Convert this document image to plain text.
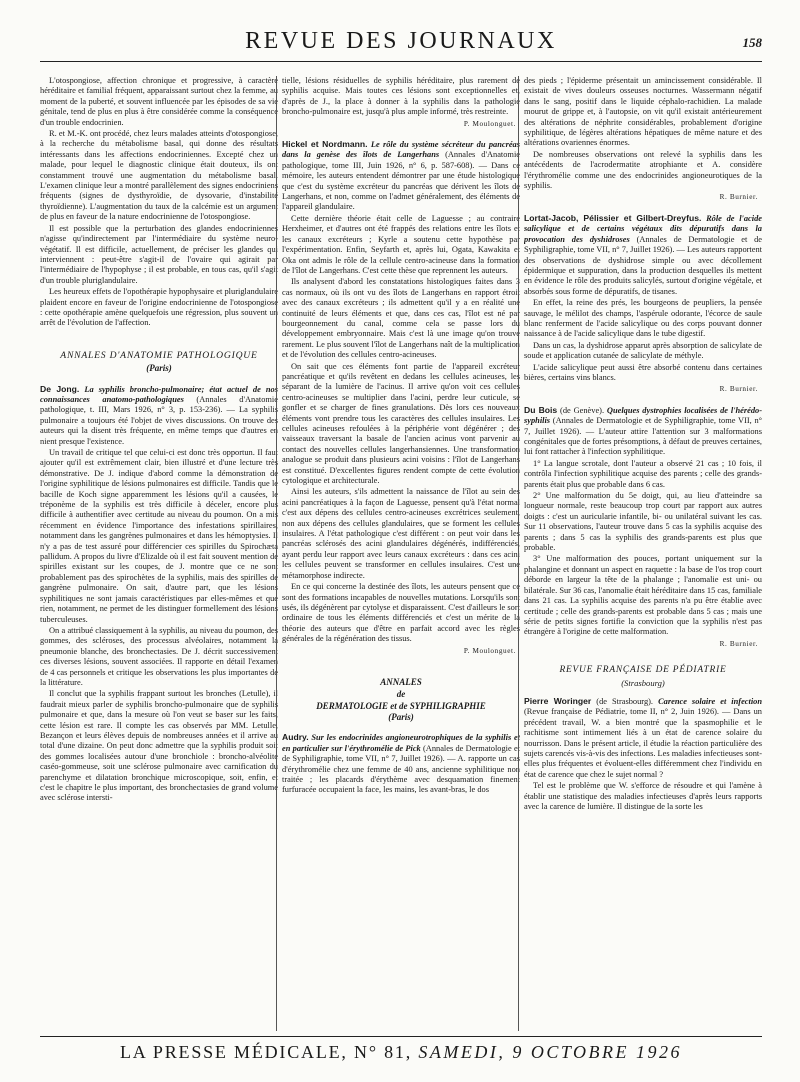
REVUE DES JOURNAUX	158

L'otospongiose, affection chronique et progressive, à caractère héréditaire et familial fréquent, apparaissant surtout chez la femme, au moment de la puberté, et souvent influencée par les épisodes de sa vie génitale, tend de plus en plus à être considérée comme la conséquence d'un trouble endocrinien.

R. et M.-K. ont procédé, chez leurs malades atteints d'otospongiose, à la recherche du métabolisme basal, qui donne des résultats intéressants dans les affections endocriniennes. Excepté chez un malade, pour lequel le diagnostic clinique était douteux, ils ont constamment trouvé une augmentation du métabolisme basal. L'examen clinique leur a montré parallèlement des signes endocriniens fréquents (signes de dysthyroïdie, de dysovarie, d'instabilité thyroïdienne). L'augmentation du taux de la calcémie est un argument de plus en faveur de la nature endocrinienne de l'otospongiose.

Il est possible que la perturbation des glandes endocriniennes n'agisse qu'indirectement par l'intermédiaire du système neuro-végétatif. Il est difficile, actuellement, de préciser les glandes qui interviennent : peut-être s'agit-il de l'ovaire qui agirait par l'intermédiaire de l'hypophyse ; il est probable, en tous cas, qu'il s'agit d'un trouble pluriglandulaire.

Les heureux effets de l'opothérapie hypophysaire et pluriglandulaire plaident encore en faveur de l'origine endocrinienne de l'otospongiose : cette opothérapie amène quelquefois une régression, plus souvent un arrêt de l'évolution de l'affection.

ANNALES D'ANATOMIE PATHOLOGIQUE
(Paris)

De Jong. La syphilis broncho-pulmonaire; état actuel de nos connaissances anatomo-pathologiques (Annales d'Anatomie pathologique, t. III, Mars 1926, n° 3, p. 153-236). — La syphilis pulmonaire a toujours été l'objet de vives discussions. On trouve des auteurs qui la disent très fréquente, en même temps que d'autres en nient presque l'existence.

Un travail de critique tel que celui-ci est donc très opportun. Il faut ajouter qu'il est extrêmement clair, bien illustré et d'une lecture très démonstrative. De J. indique d'abord comme la démonstration de l'origine syphilitique de lésions pulmonaires est difficile. Tandis que le bacille de Koch signe apparemment les lésions qu'il a causées, le tréponème de la syphilis est très difficile à déceler, encore plus difficile à authentifier avec certitude au niveau du poumon. On a mis récemment en évidence l'importance des infestations spirillaires, notamment dans les gangrènes pulmonaires et dans les hémoptysies. Il n'y a pas de test assuré pour différencier ces spirilles du Spirochæta pallidum. A propos du livre d'Elizalde où il est fait souvent mention de spirilles existant sur les coupes, de J. montre que ce ne sont probablement pas des spirochètes de la syphilis, mais des spirilles de gangrène pulmonaire. On sait, d'autre part, que les lésions syphilitiques ne sont jamais caractéristiques par elles-mêmes et que rien, notamment, ne permet de les distinguer formellement des lésions tuberculeuses.

On a attribué classiquement à la syphilis, au niveau du poumon, des gommes, des scléroses, des processus alvéolaires, notamment la pneumonie blanche, des bronchectasies. De J. décrit successivement ces diverses lésions, souvent associées. Il rapporte en détail l'examen de 4 cas personnels et critique les observations les plus importantes de la littérature.

Il conclut que la syphilis frappant surtout les bronches (Letulle), il faudrait mieux parler de syphilis broncho-pulmonaire que de syphilis pulmonaire et que, dans la mesure où l'on veut se baser sur les faits, cette lésion est rare. Il compte les cas observés par MM. Letulle, Bezançon et leurs élèves depuis de nombreuses années et il arrive au total d'une dizaine. On peut donc admettre que la syphilis produit soit des gommes localisées autour d'une bronchiole : broncho-alvéolite caséo-gommeuse, soit une sclérose pulmonaire avec carnification du parenchyme et dilatation bronchique microscopique, soit, enfin, et c'est le chapitre le plus important, des bronchectasies de grand volume avec sclérose intersti-

tielle, lésions résiduelles de syphilis héréditaire, plus rarement de syphilis acquise. Mais toutes ces lésions sont exceptionnelles et, d'après de J., la place à donner à la syphilis dans la pathologie broncho-pulmonaire est, jusqu'à plus ample informé, très restreinte.

P. Moulonguet.

Hickel et Nordmann. Le rôle du système sécréteur du pancréas dans la genèse des îlots de Langerhans (Annales d'Anatomie pathologique, tome III, Juin 1926, n° 6, p. 587-608). — Dans ce mémoire, les auteurs entendent démontrer par une étude histologique que c'est du système excréteur du pancréas que dérivent les îlots de Langerhans, et non, comme on l'admet généralement, des éléments de l'appareil glandulaire.

Cette dernière théorie était celle de Laguesse ; au contraire Herxheimer, et d'autres ont été frappés des relations entre les îlots et les canaux excréteurs ; Kyrle a soutenu cette hypothèse par l'expérimentation. Enfin, Seyfarth et, après lui, Ogata, Kawakita et Oka ont admis le rôle de la cellule centro-acineuse dans la formation de l'îlot de Langerhans. C'est cette thèse que reprennent les auteurs.

Ils analysent d'abord les constatations histologiques faites dans 3 cas normaux, où ils ont vu des îlots de Langerhans en rapport étroit avec des canaux excréteurs ; ils admettent qu'il y a en réalité une continuité de leurs éléments et que, dans ces cas, l'îlot est né par bourgeonnement du canal, comme cela se passe lors du développement embryonnaire. Mais c'est là une image qu'on trouve rarement. Le plus souvent l'îlot de Langerhans naît de la multiplication et de l'évolution des cellules centro-acineuses.

On sait que ces éléments font partie de l'appareil excréteur pancréatique et qu'ils revêtent en dedans les cellules acineuses, les séparant de la lumière de l'acinus. Il arrive qu'on voit ces cellules centro-acineuses se multiplier dans l'acini, perdre leur cuticule, se gonfler et se charger de fines granulations. Dès lors ces nouveaux éléments vont prendre tous les caractères des cellules insulaires. Les cellules acineuses refoulées à la périphérie vont dégénérer ; des vaisseaux traversant la basale de l'ancien acinus vont parvenir au contact des nouvelles cellules langerhansiennes. Une transformation analogue se produit dans plusieurs acini voisins : l'îlot de Langerhans est constitué. D'excellentes figures rendent compte de cette évolution cytologique et architecturale.

Ainsi les auteurs, s'ils admettent la naissance de l'îlot au sein des acini pancréatiques à la façon de Laguesse, pensent qu'à l'état normal c'est aux dépens des cellules centro-acineuses excrétrices seulement, non aux dépens des cellules glandulaires, que se forment les cellules insulaires. A l'état pathologique c'est différent : on peut voir dans les pancréas sclérosés des acini glandulaires dégénérés, indifférenciés, ayant perdu leur rapport avec leurs canaux excréteurs : dans ces acini les cellules peuvent se transformer en cellules insulaires. C'est une métamorphose indirecte.

En ce qui concerne la destinée des îlots, les auteurs pensent que ce sont des formations incapables de nouvelles mutations. Lorsqu'ils sont usés, ils dégénèrent par cytolyse et disparaissent. C'est d'ailleurs le sort ordinaire de tous les éléments différenciés et c'est un mérite de la théorie des auteurs que d'être en parfait accord avec les règles générales de la régénération des tissus.

P. Moulonguet.

ANNALES
de
DERMATOLOGIE et de SYPHILIGRAPHIE
(Paris)

Audry. Sur les endocrinides angioneurotrophiques de la syphilis et en particulier sur l'érythromélie de Pick (Annales de Dermatologie et de Syphiligraphie, tome VII, n° 7, Juillet 1926). — A. rapporte un cas d'érythromélie chez une femme de 40 ans, ancienne syphilitique non traitée ; les placards d'érythème avec desquamation finement furfuracée occupaient la face, les mains, les avant-bras, le dos

des pieds ; l'épiderme présentait un amincissement considérable. Il existait de vives douleurs osseuses nocturnes. Wassermann négatif dans le sang, positif dans le liquide céphalo-rachidien. La malade mourut de grippe et, à l'autopsie, on vit qu'il existait antérieurement des altérations de néphrite considérables, probablement d'origine syphilitique, de légères altérations hépatiques de même nature et des altérations ovariennes énormes.

De nombreuses observations ont relevé la syphilis dans les antécédents de l'acrodermatite atrophiante et A. considère l'érythromélie comme une des endocrinides angioneurotiques de la syphilis.

R. Burnier.

Lortat-Jacob, Pélissier et Gilbert-Dreyfus. Rôle de l'acide salicylique et de certains végétaux dits dépuratifs dans la provocation des dyshidroses (Annales de Dermatologie et de Syphiligraphie, tome VII, n° 7, Juillet 1926). — Les auteurs rapportent des observations de dyshidrose simple ou avec décollement épidermique et suppuration, dans la production desquelles ils mettent en évidence le rôle des produits salicylés, surtout d'origine végétale, et absorbés sous forme de dépuratifs, de tisanes.

En effet, la reine des prés, les bourgeons de peupliers, la pensée sauvage, le mélilot des champs, l'aspérule odorante, l'écorce de saule blanc renferment de l'acide salicylique ou des corps pouvant donner naissance à de l'acide salicylique dans le tube digestif.

Dans un cas, la dyshidrose apparut après absorption de salicylate de soude et application cutanée de salicylate de méthyle.

L'acide salicylique peut aussi être absorbé contenu dans certaines bières, certains vins blancs.

R. Burnier.

Du Bois (de Genève). Quelques dystrophies localisées de l'hérédo-syphilis (Annales de Dermatologie et de Syphiligraphie, tome VII, n° 7, Juillet 1926). — L'auteur attire l'attention sur 3 malformations congénitales que de fortes présomptions, à défaut de preuves certaines, lui font rattacher à l'infection syphilitique.

1° La langue scrotale, dont l'auteur a observé 21 cas ; 10 fois, il contrôla l'infection syphilitique acquise des parents ; celle des grands-parents était plus que probable dans 6 cas.

2° Une malformation du 5e doigt, qui, au lieu d'atteindre sa longueur normale, reste beaucoup trop court par rapport aux autres doigts : c'est un auricularie infantile, bi- ou unilatéral suivant les cas. Sur 11 observations, l'auteur trouve dans 5 cas la syphilis acquise des parents ; dans 5 cas la syphilis des grands-parents est plus que probable.

3° Une malformation des pouces, portant uniquement sur la phalangine et donnant un aspect en raquette : la base de l'os trop court déborde en largeur la tête de la phalange ; l'anomalie est uni- ou bilatérale. Sur 36 cas, l'anomalie était héréditaire dans 15 cas, familiale dans 21 cas. La syphilis acquise des parents n'a pu être établie avec certitude ; celle des grands-parents est probable dans 5 cas ; mais une série de petits signes fortifie la conviction que la syphilis n'est pas étrangère à l'origine de cette malformation.

R. Burnier.

REVUE FRANÇAISE DE PÉDIATRIE
(Strasbourg)

Pierre Woringer (de Strasbourg). Carence solaire et infection (Revue française de Pédiatrie, tome II, n° 2, Juin 1926). — Dans un précédent travail, W. a bien montré que la spasmophilie et le rachitisme sont intimement liés à un état de carence solaire du nourrisson. Dans le présent article, il étudie la réaction particulière des sujets carencés vis-à-vis des infections. Les maladies infectieuses sont-elles plus fréquentes et évoluent-elles différemment chez l'individu en état de carence que chez le sujet normal ?

Tel est le problème que W. s'efforce de résoudre et qui l'amène à établir une statistique des maladies infectieuses d'après leurs rapports avec la carence de lumière. Il distingue de la sorte les

LA PRESSE MÉDICALE, N° 81, SAMEDI, 9 OCTOBRE 1926
